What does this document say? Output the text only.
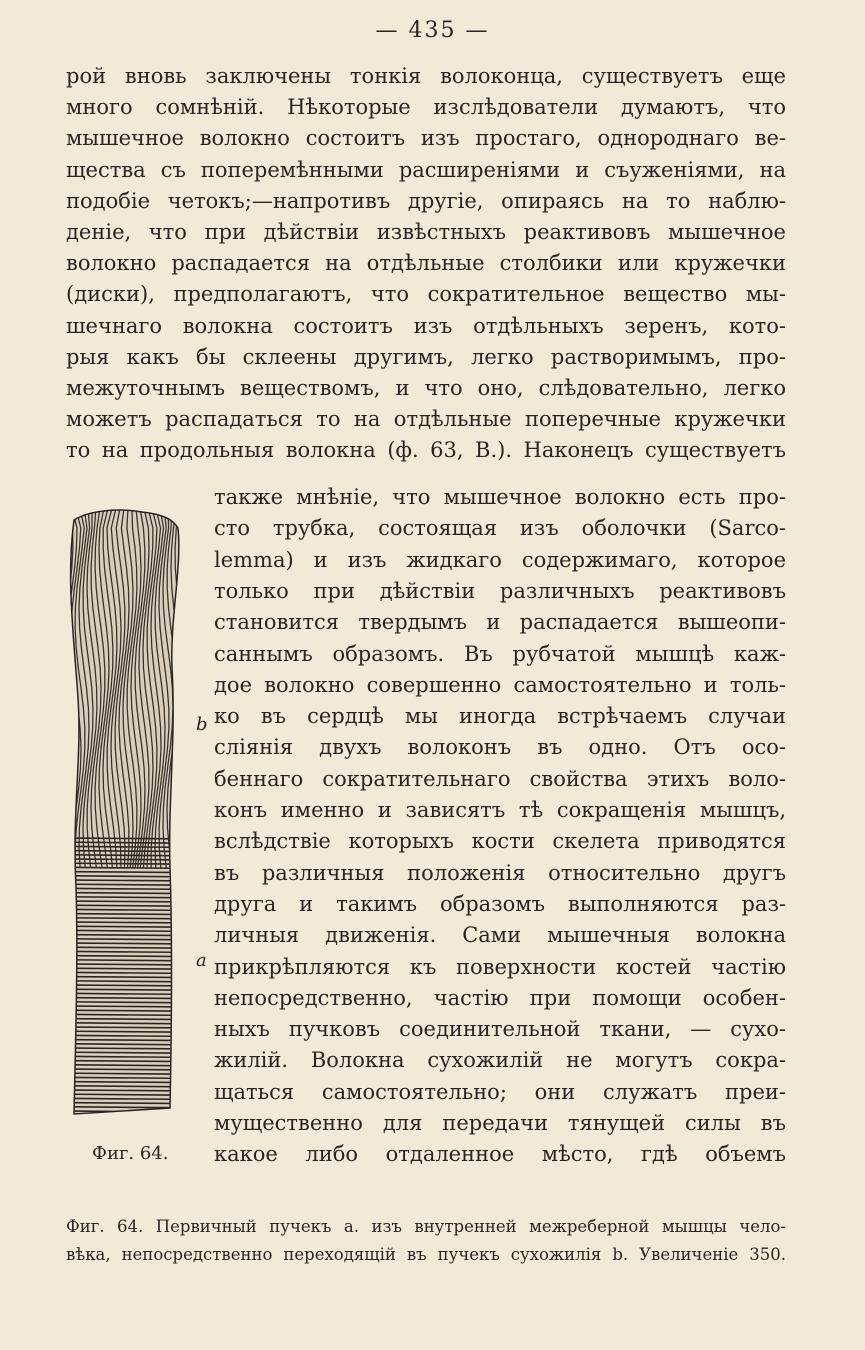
— 435 —
рой вновь заключены тонкія волоконца, существуетъ еще
много сомнѣній. Нѣкоторые изслѣдователи думаютъ, что
мышечное волокно состоитъ изъ простаго, однороднаго ве-
щества съ поперемѣнными расширеніями и съуженіями, на
подобіе четокъ;—напротивъ другіе, опираясь на то наблю-
деніе, что при дѣйствіи извѣстныхъ реактивовъ мышечное
волокно распадается на отдѣльные столбики или кружечки
(диски), предполагаютъ, что сократительное вещество мы-
шечнаго волокна состоитъ изъ отдѣльныхъ зеренъ, кото-
рыя какъ бы склеены другимъ, легко растворимымъ, про-
межуточнымъ веществомъ, и что оно, слѣдовательно, легко
можетъ распадаться то на отдѣльные поперечные кружечки
то на продольныя волокна (ф. 63, B.). Наконецъ существуетъ
также мнѣніе, что мышечное волокно есть про-
сто трубка, состоящая изъ оболочки (Sarco-
lemma) и изъ жидкаго содержимаго, которое
только при дѣйствіи различныхъ реактивовъ
становится твердымъ и распадается вышеопи-
саннымъ образомъ. Въ рубчатой мышцѣ каж-
дое волокно совершенно самостоятельно и толь-
ко въ сердцѣ мы иногда встрѣчаемъ случаи
слiянiя двухъ волоконъ въ одно. Отъ осо-
беннаго сократительнаго свойства этихъ воло-
конъ именно и зависятъ тѣ сокращенія мышцъ,
вслѣдствіе которыхъ кости скелета приводятся
въ различныя положенія относительно другъ
друга и такимъ образомъ выполняются раз-
личныя движенія. Сами мышечныя волокна
прикрѣпляются къ поверхности костей частію
непосредственно, частію при помощи особен-
ныхъ пучковъ соединительной ткани, — сухо-
жилій. Волокна сухожилій не могутъ сокра-
щаться самостоятельно; они служатъ преи-
мущественно для передачи тянущей силы въ
какое либо отдаленное мѣсто, гдѣ объемъ
b
a
Фиг. 64.
Фиг. 64. Первичный пучекъ a. изъ внутренней межреберной мышцы чело-
вѣка, непосредственно переходящій въ пучекъ сухожилія b. Увеличеніе 350.
